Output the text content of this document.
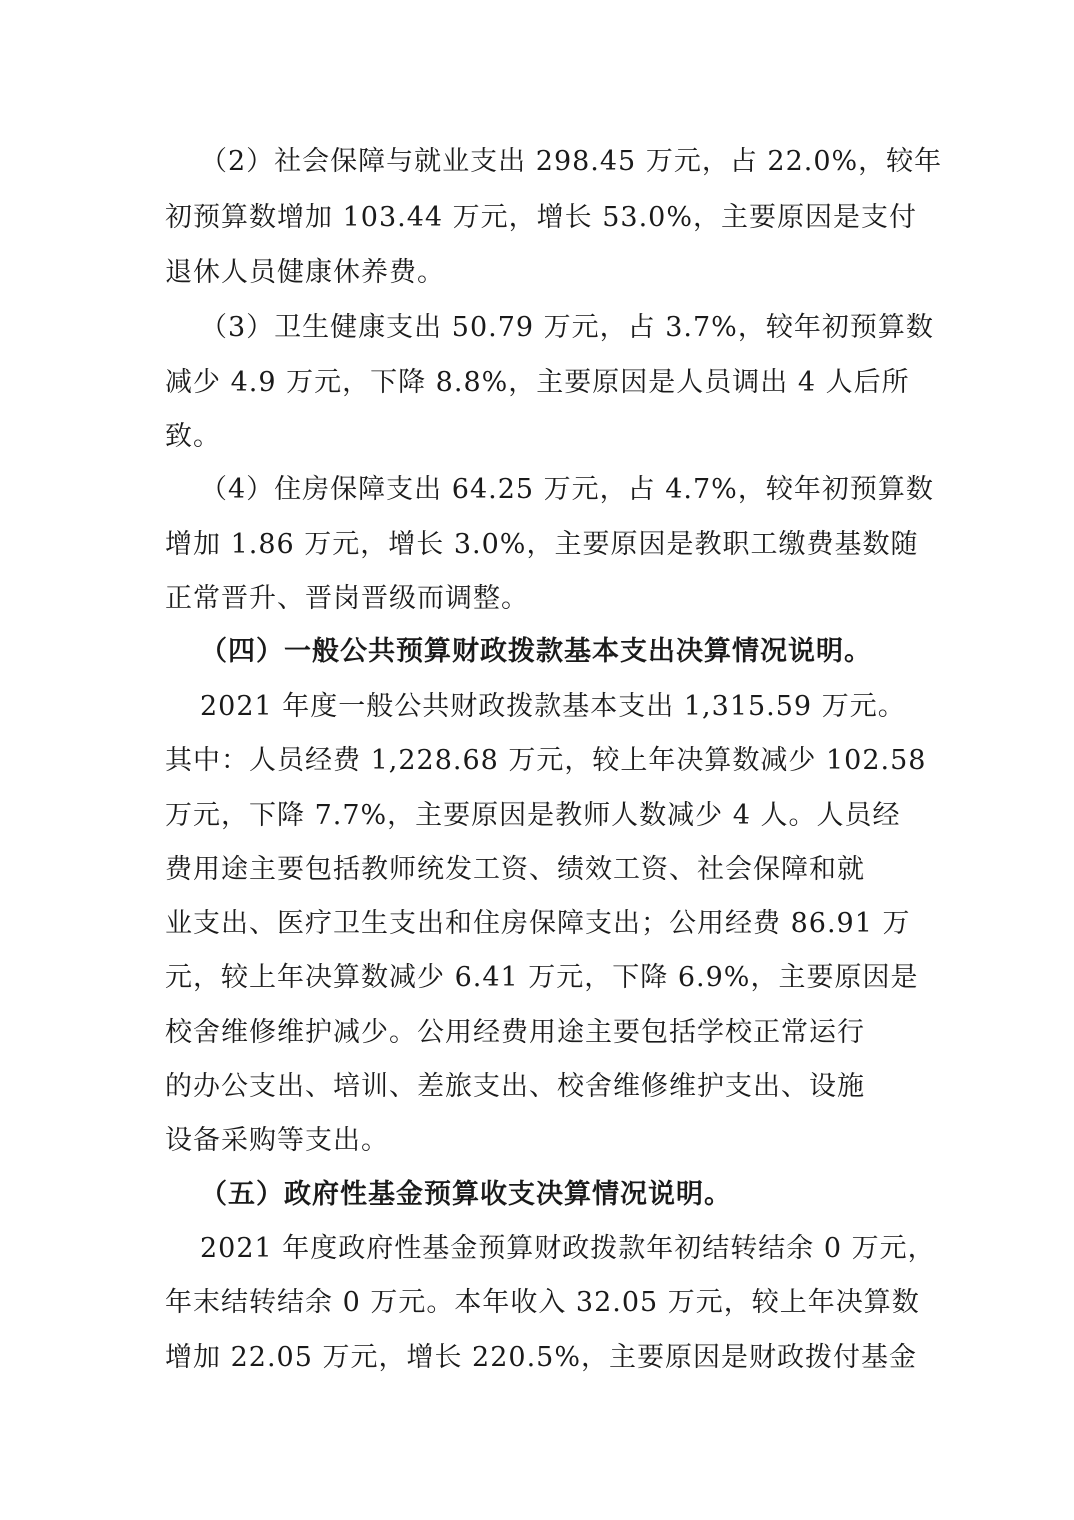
（2）社会保障与就业支出 298.45 万元，占 22.0%，较年
初预算数增加 103.44 万元，增长 53.0%，主要原因是支付
退休人员健康休养费。
（3）卫生健康支出 50.79 万元，占 3.7%，较年初预算数
减少 4.9 万元，下降 8.8%，主要原因是人员调出 4 人后所
致。
（4）住房保障支出 64.25 万元，占 4.7%，较年初预算数
增加 1.86 万元，增长 3.0%，主要原因是教职工缴费基数随
正常晋升、晋岗晋级而调整。
（四）一般公共预算财政拨款基本支出决算情况说明。
2021 年度一般公共财政拨款基本支出 1,315.59 万元。
其中：人员经费 1,228.68 万元，较上年决算数减少 102.58
万元，下降 7.7%，主要原因是教师人数减少 4 人。人员经
费用途主要包括教师统发工资、绩效工资、社会保障和就
业支出、医疗卫生支出和住房保障支出；公用经费 86.91 万
元，较上年决算数减少 6.41 万元，下降 6.9%，主要原因是
校舍维修维护减少。公用经费用途主要包括学校正常运行
的办公支出、培训、差旅支出、校舍维修维护支出、设施
设备采购等支出。
（五）政府性基金预算收支决算情况说明。
2021 年度政府性基金预算财政拨款年初结转结余 0 万元，
年末结转结余 0 万元。本年收入 32.05 万元，较上年决算数
增加 22.05 万元，增长 220.5%，主要原因是财政拨付基金
